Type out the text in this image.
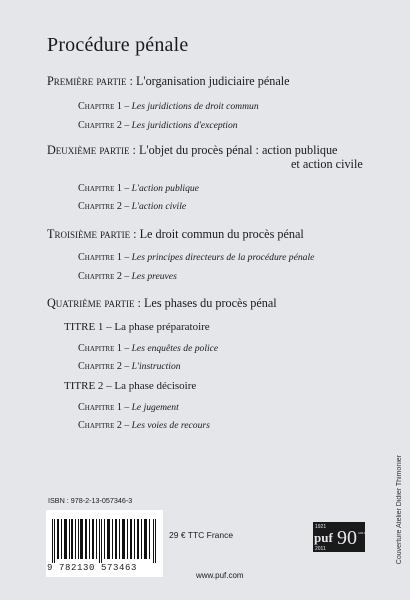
Procédure pénale
Première partie : L'organisation judiciaire pénale
Chapitre 1 – Les juridictions de droit commun
Chapitre 2 – Les juridictions d'exception
Deuxième partie : L'objet du procès pénal : action publique
et action civile
Chapitre 1 – L'action publique
Chapitre 2 – L'action civile
Troisième partie : Le droit commun du procès pénal
Chapitre 1 – Les principes directeurs de la procédure pénale
Chapitre 2 – Les preuves
Quatrième partie : Les phases du procès pénal
TITRE 1 – La phase préparatoire
Chapitre 1 – Les enquêtes de police
Chapitre 2 – L'instruction
TITRE 2 – La phase décisoire
Chapitre 1 – Le jugement
Chapitre 2 – Les voies de recours
Couverture Atelier Didier Thimonier
ISBN : 978-2-13-057346-3
9 782130 573463
29 € TTC France
www.puf.com
1921
puf
2011 90 ANS DE SAVOIR
